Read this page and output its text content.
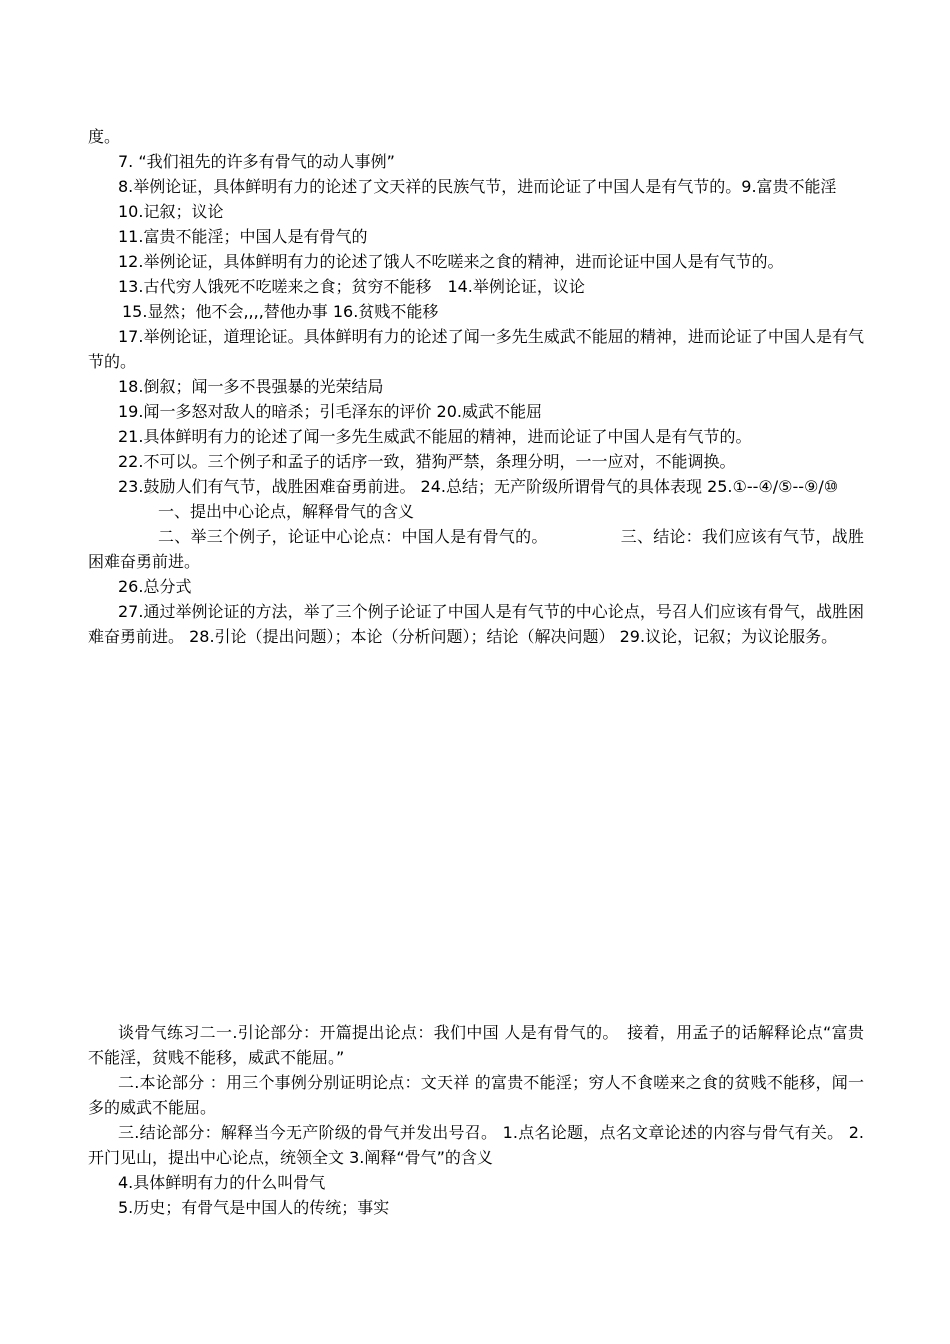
度。

7. “我们祖先的许多有骨气的动人事例”

8.举例论证，具体鲜明有力的论述了文天祥的民族气节，进而论证了中国人是有气节的。9.富贵不能淫

10.记叙；议论

11.富贵不能淫；中国人是有骨气的

12.举例论证，具体鲜明有力的论述了饿人不吃嗟来之食的精神，进而论证中国人是有气节的。

13.古代穷人饿死不吃嗟来之食；贫穷不能移　14.举例论证，议论

15.显然；他不会,,,,替他办事 16.贫贱不能移

17.举例论证，道理论证。具体鲜明有力的论述了闻一多先生威武不能屈的精神，进而论证了中国人是有气节的。

18.倒叙；闻一多不畏强暴的光荣结局

19.闻一多怒对敌人的暗杀；引毛泽东的评价 20.威武不能屈

21.具体鲜明有力的论述了闻一多先生威武不能屈的精神，进而论证了中国人是有气节的。

22.不可以。三个例子和孟子的话序一致，猎狗严禁，条理分明，一一应对，不能调换。

23.鼓励人们有气节，战胜困难奋勇前进。 24.总结；无产阶级所谓骨气的具体表现 25.①--④/⑤--⑨/⑩

一、提出中心论点，解释骨气的含义

二、举三个例子，论证中心论点：中国人是有骨气的。　　　　　三、结论：我们应该有气节，战胜困难奋勇前进。

26.总分式

27.通过举例论证的方法，举了三个例子论证了中国人是有气节的中心论点，号召人们应该有骨气，战胜困难奋勇前进。 28.引论（提出问题）；本论（分析问题）；结论（解决问题） 29.议论，记叙；为议论服务。

谈骨气练习二一.引论部分：开篇提出论点：我们中国 人是有骨气的。　接着，用孟子的话解释论点“富贵不能淫，贫贱不能移，威武不能屈。”

二.本论部分 ：用三个事例分别证明论点：文天祥 的富贵不能淫；穷人不食嗟来之食的贫贱不能移，闻一多的威武不能屈。

三.结论部分：解释当今无产阶级的骨气并发出号召。 1.点名论题，点名文章论述的内容与骨气有关。 2.开门见山，提出中心论点，统领全文 3.阐释“骨气”的含义

4.具体鲜明有力的什么叫骨气

5.历史；有骨气是中国人的传统；事实
